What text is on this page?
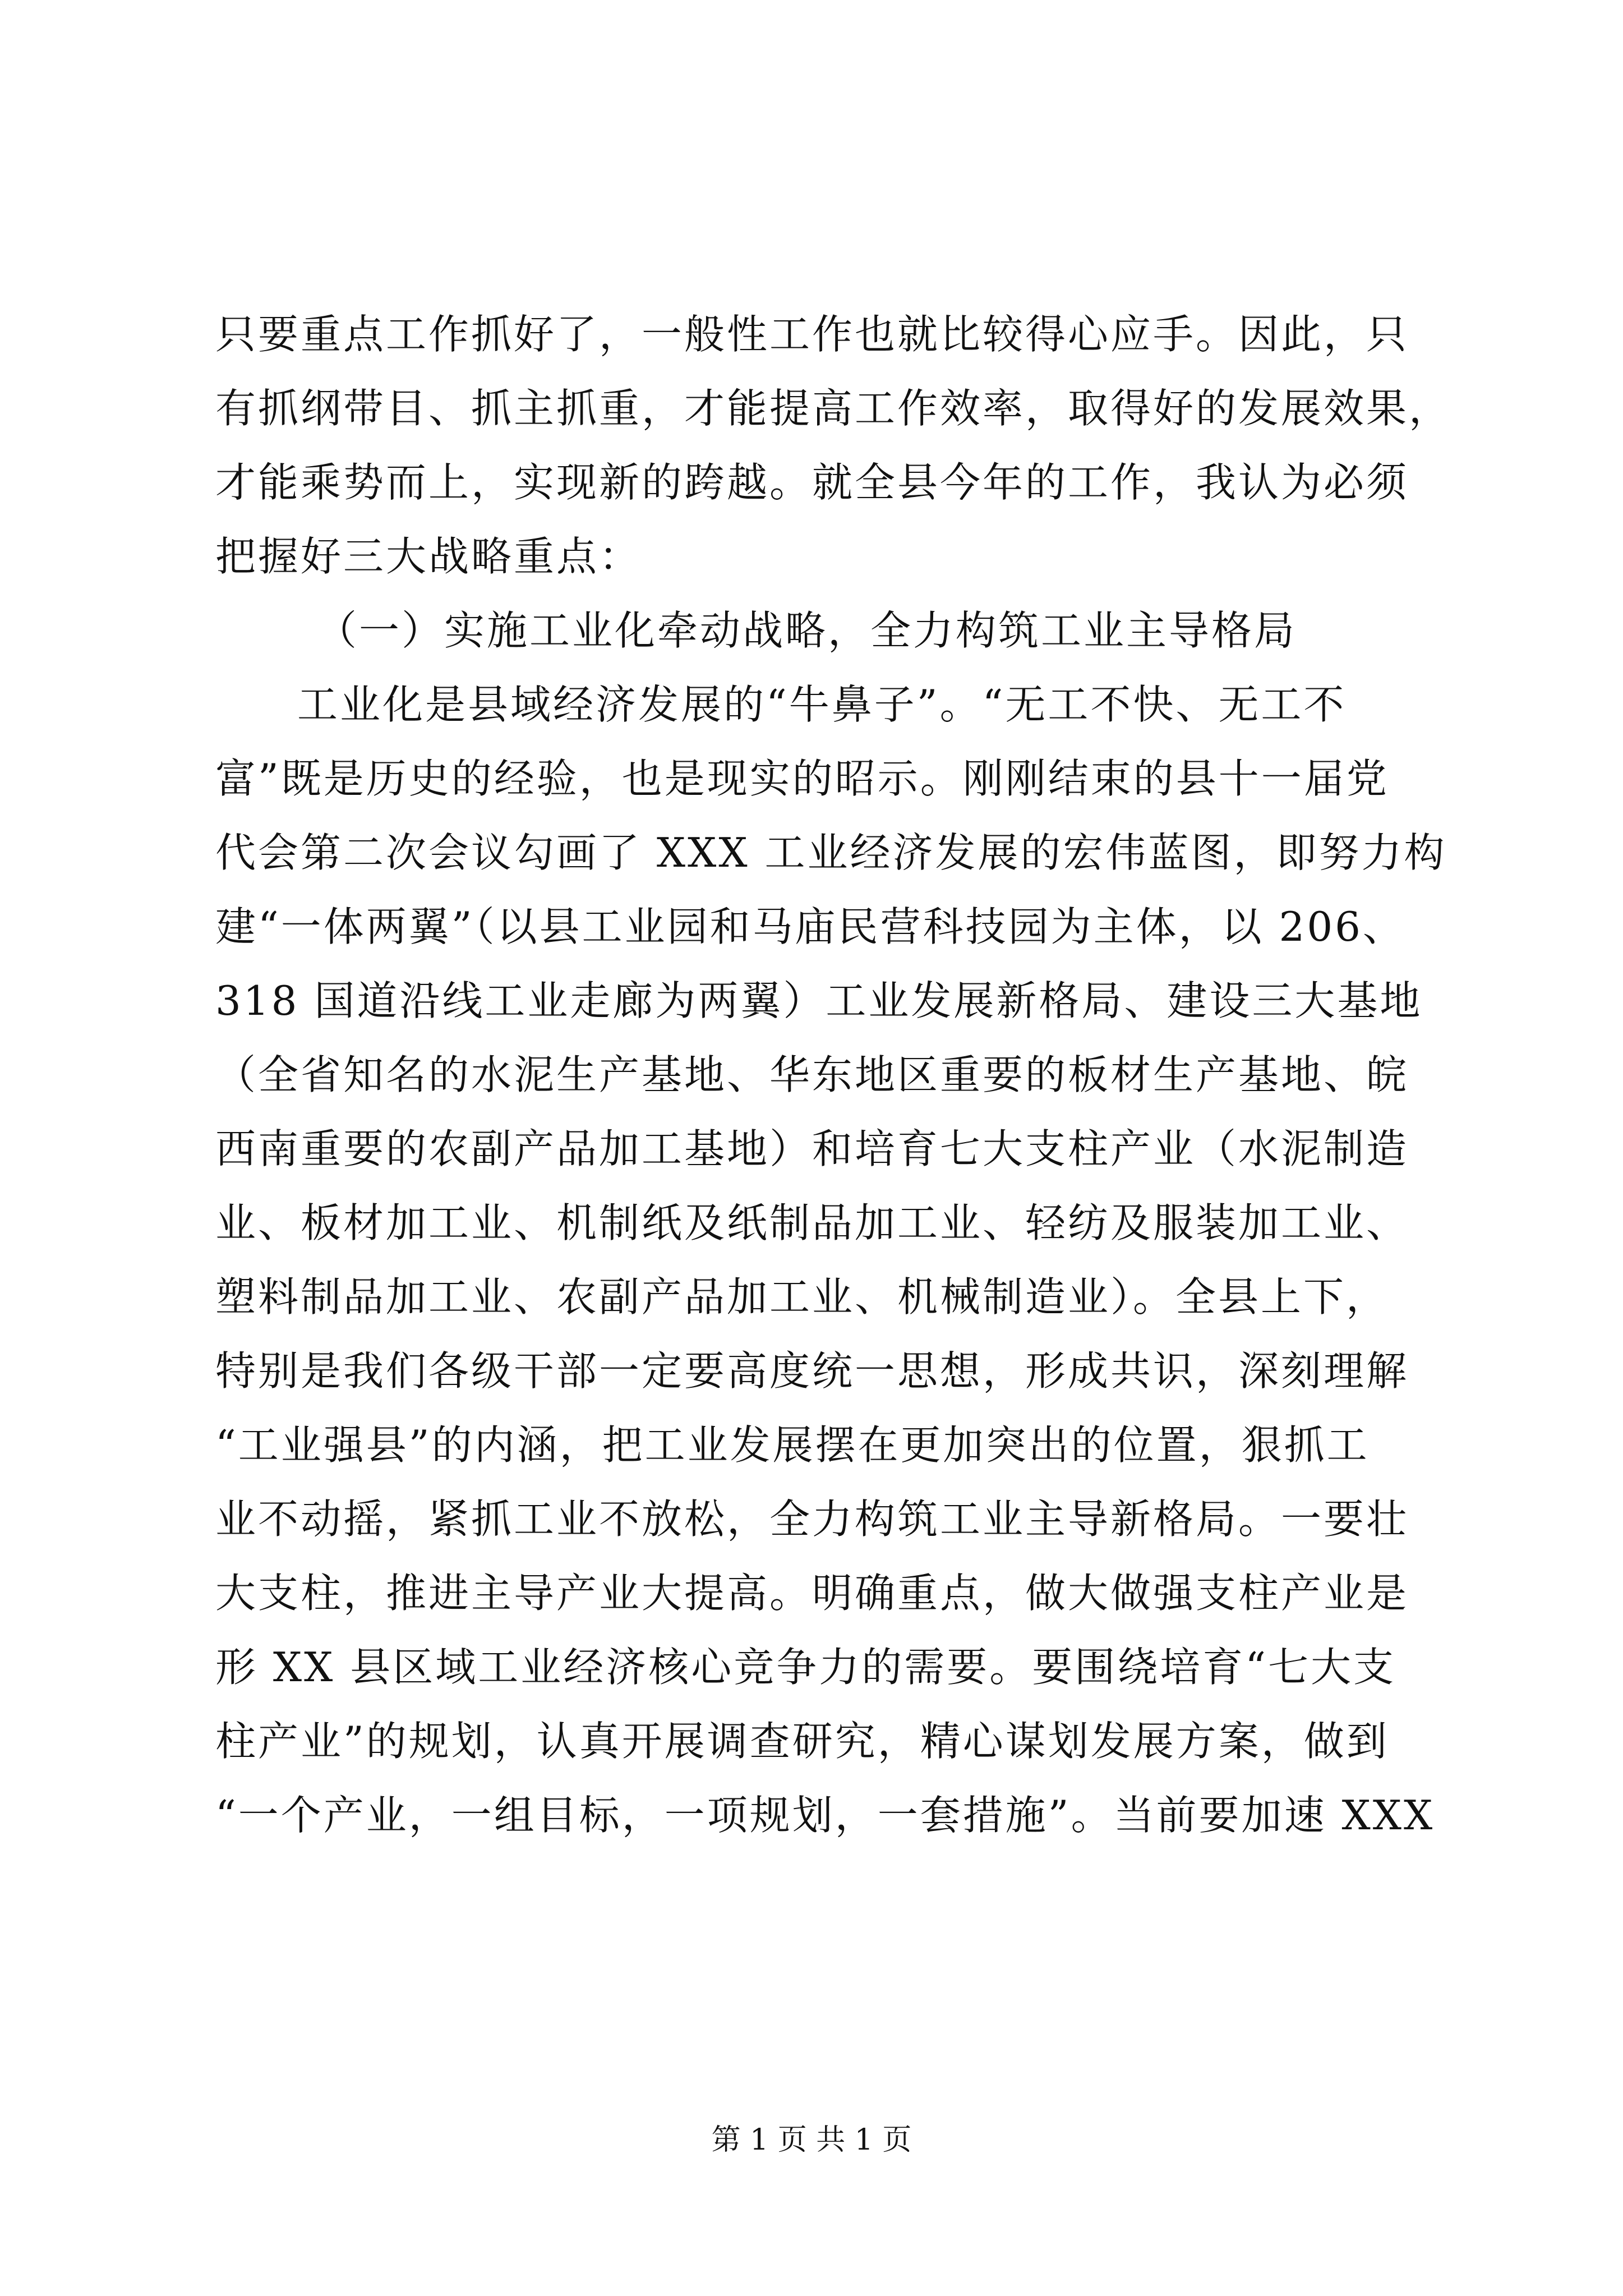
只要重点工作抓好了，一般性工作也就比较得心应手。因此，只
有抓纲带目、抓主抓重，才能提高工作效率，取得好的发展效果，
才能乘势而上，实现新的跨越。就全县今年的工作，我认为必须
把握好三大战略重点：
（一）实施工业化牵动战略，全力构筑工业主导格局
工业化是县域经济发展的“牛鼻子”。“无工不快、无工不
富”既是历史的经验，也是现实的昭示。刚刚结束的县十一届党
代会第二次会议勾画了 XXX 工业经济发展的宏伟蓝图，即努力构
建“一体两翼”（以县工业园和马庙民营科技园为主体，以 206、
318 国道沿线工业走廊为两翼）工业发展新格局、建设三大基地
（全省知名的水泥生产基地、华东地区重要的板材生产基地、皖
西南重要的农副产品加工基地）和培育七大支柱产业（水泥制造
业、板材加工业、机制纸及纸制品加工业、轻纺及服装加工业、
塑料制品加工业、农副产品加工业、机械制造业）。全县上下，
特别是我们各级干部一定要高度统一思想，形成共识，深刻理解
“工业强县”的内涵，把工业发展摆在更加突出的位置，狠抓工
业不动摇，紧抓工业不放松，全力构筑工业主导新格局。一要壮
大支柱，推进主导产业大提高。明确重点，做大做强支柱产业是
形 XX 县区域工业经济核心竞争力的需要。要围绕培育“七大支
柱产业”的规划，认真开展调查研究，精心谋划发展方案，做到
“一个产业，一组目标，一项规划，一套措施”。当前要加速 XXX
第 1 页 共 1 页
